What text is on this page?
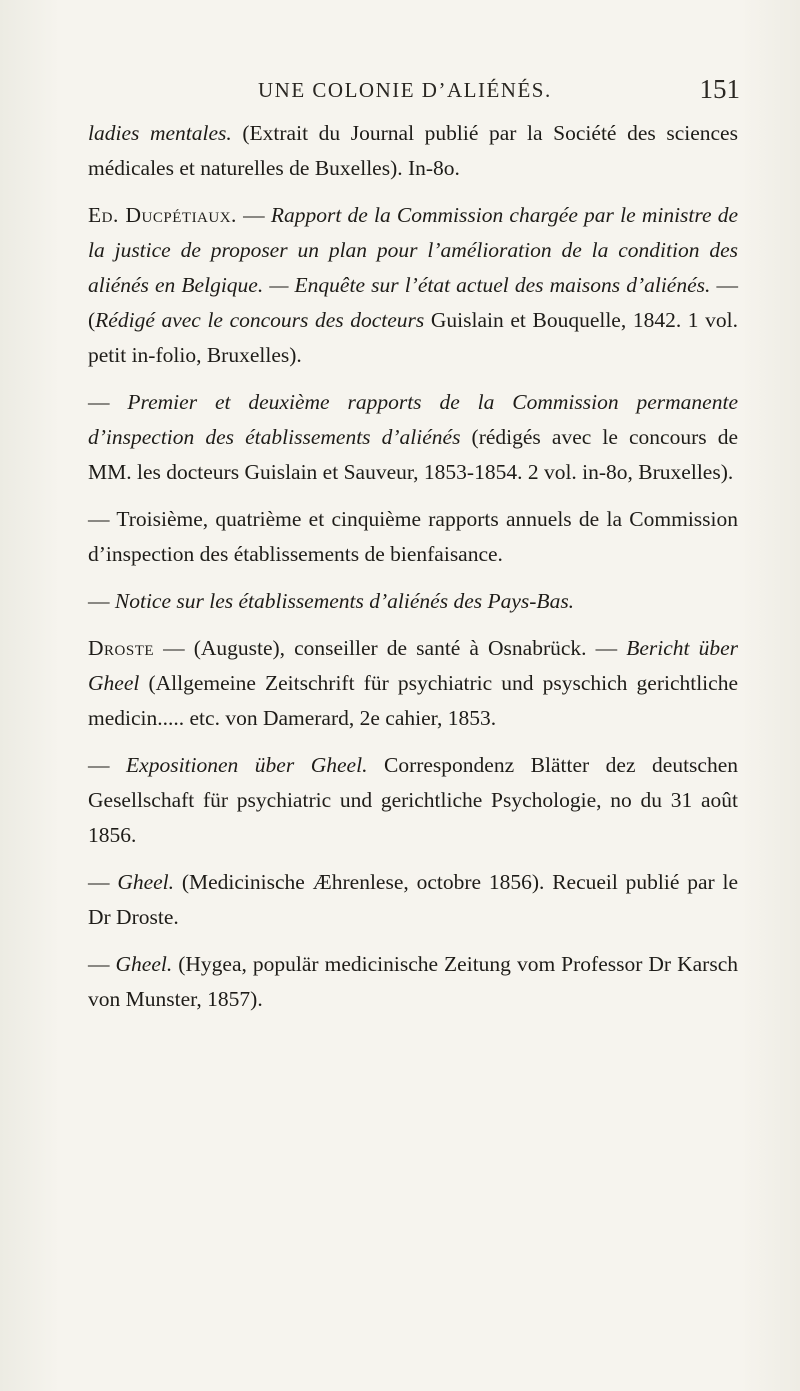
UNE COLONIE D’ALIÉNÉS.	151

ladies mentales. (Extrait du Journal publié par la Société des sciences médicales et naturelles de Buxelles). In-8o.

Ed. Ducpétiaux. — Rapport de la Commission chargée par le ministre de la justice de proposer un plan pour l’amélioration de la condition des aliénés en Belgique. — Enquête sur l’état actuel des maisons d’aliénés. — (Rédigé avec le concours des docteurs Guislain et Bouquelle, 1842. 1 vol. petit in-folio, Bruxelles).

— Premier et deuxième rapports de la Commission permanente d’inspection des établissements d’aliénés (rédigés avec le concours de MM. les docteurs Guislain et Sauveur, 1853-1854. 2 vol. in-8o, Bruxelles).

— Troisième, quatrième et cinquième rapports annuels de la Commission d’inspection des établissements de bienfaisance.

— Notice sur les établissements d’aliénés des Pays-Bas.

Droste — (Auguste), conseiller de santé à Osnabrück. — Bericht über Gheel (Allgemeine Zeitschrift für psychiatric und psyschich gerichtliche medicin..... etc. von Damerard, 2e cahier, 1853.

— Expositionen über Gheel. Correspondenz Blätter dez deutschen Gesellschaft für psychiatric und gerichtliche Psychologie, no du 31 août 1856.

— Gheel. (Medicinische Æhrenlese, octobre 1856). Recueil publié par le Dr Droste.

— Gheel. (Hygea, populär medicinische Zeitung vom Professor Dr Karsch von Munster, 1857).
